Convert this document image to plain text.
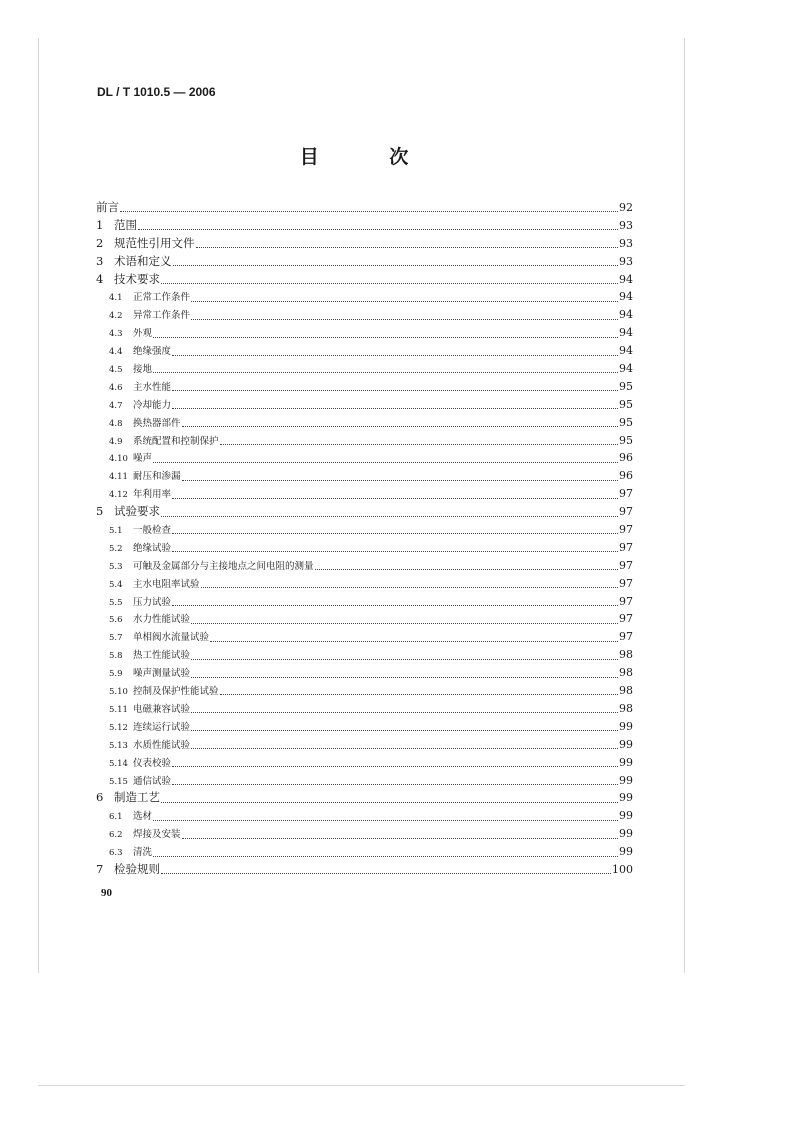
DL / T 1010.5 — 2006
目 次
前言	92
1 范围	93
2 规范性引用文件	93
3 术语和定义	93
4 技术要求	94
4.1	正常工作条件	94
4.2	异常工作条件	94
4.3	外观	94
4.4	绝缘强度	94
4.5	接地	94
4.6	主水性能	95
4.7	冷却能力	95
4.8	换热器部件	95
4.9	系统配置和控制保护	95
4.10 噪声	96
4.11 耐压和渗漏	96
4.12 年利用率	97
5 试验要求	97
5.1	一般检查	97
5.2	绝缘试验	97
5.3	可触及金属部分与主接地点之间电阻的测量	97
5.4	主水电阻率试验	97
5.5	压力试验	97
5.6	水力性能试验	97
5.7	单相阀水流量试验	97
5.8	热工性能试验	98
5.9	噪声测量试验	98
5.10 控制及保护性能试验	98
5.11 电磁兼容试验	98
5.12 连续运行试验	99
5.13 水质性能试验	99
5.14 仪表校验	99
5.15 通信试验	99
6 制造工艺	99
6.1	选材	99
6.2	焊接及安装	99
6.3	清洗	99
7 检验规则	100
90
